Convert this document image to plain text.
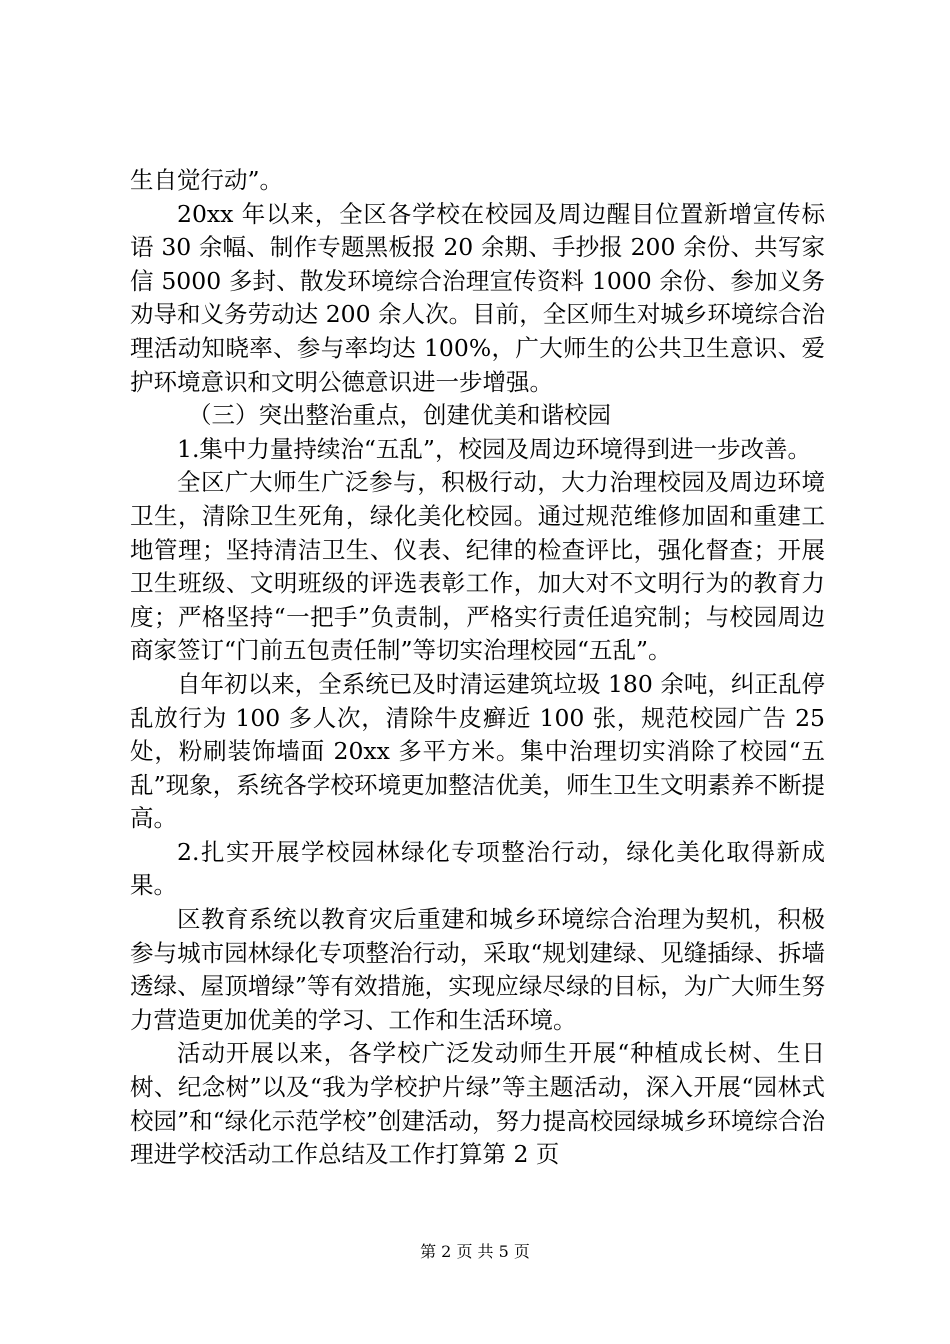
生自觉行动”。

20xx 年以来，全区各学校在校园及周边醒目位置新增宣传标语 30 余幅、制作专题黑板报 20 余期、手抄报 200 余份、共写家信 5000 多封、散发环境综合治理宣传资料 1000 余份、参加义务劝导和义务劳动达 200 余人次。目前，全区师生对城乡环境综合治理活动知晓率、参与率均达 100%，广大师生的公共卫生意识、爱护环境意识和文明公德意识进一步增强。

（三）突出整治重点，创建优美和谐校园

1.集中力量持续治“五乱”，校园及周边环境得到进一步改善。

全区广大师生广泛参与，积极行动，大力治理校园及周边环境卫生，清除卫生死角，绿化美化校园。通过规范维修加固和重建工地管理；坚持清洁卫生、仪表、纪律的检查评比，强化督查；开展卫生班级、文明班级的评选表彰工作，加大对不文明行为的教育力度；严格坚持“一把手”负责制，严格实行责任追究制；与校园周边商家签订“门前五包责任制”等切实治理校园“五乱”。

自年初以来，全系统已及时清运建筑垃圾 180 余吨，纠正乱停乱放行为 100 多人次，清除牛皮癣近 100 张，规范校园广告 25 处，粉刷装饰墙面 20xx 多平方米。集中治理切实消除了校园“五乱”现象，系统各学校环境更加整洁优美，师生卫生文明素养不断提高。

2.扎实开展学校园林绿化专项整治行动，绿化美化取得新成果。

区教育系统以教育灾后重建和城乡环境综合治理为契机，积极参与城市园林绿化专项整治行动，采取“规划建绿、见缝插绿、拆墙透绿、屋顶增绿”等有效措施，实现应绿尽绿的目标，为广大师生努力营造更加优美的学习、工作和生活环境。

活动开展以来，各学校广泛发动师生开展“种植成长树、生日树、纪念树”以及“我为学校护片绿”等主题活动，深入开展“园林式校园”和“绿化示范学校”创建活动，努力提高校园绿城乡环境综合治理进学校活动工作总结及工作打算第 2 页

第 2 页 共 5 页
